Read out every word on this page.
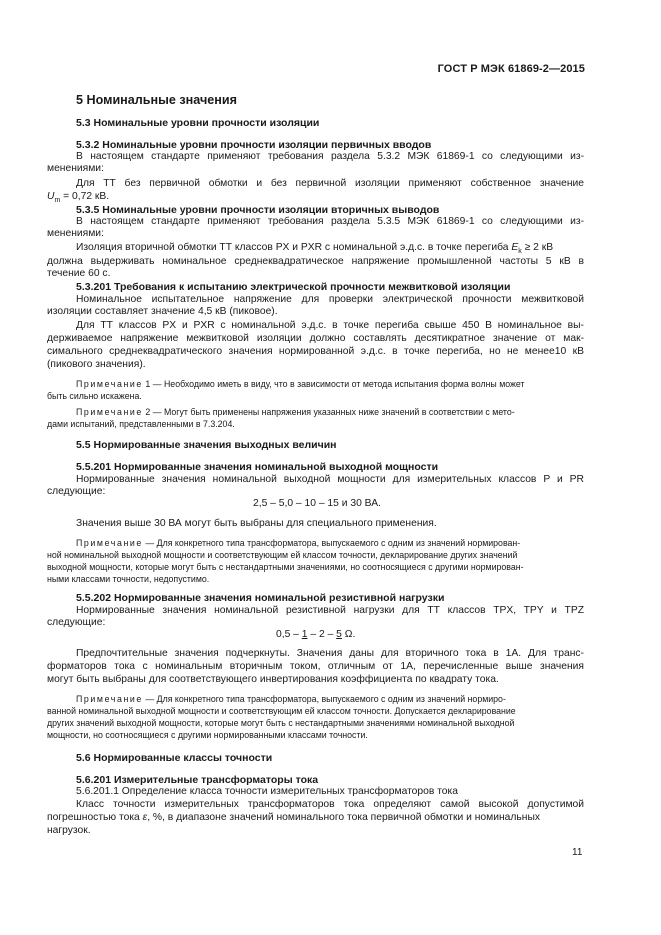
ГОСТ Р МЭК 61869-2—2015
5 Номинальные значения
5.3 Номинальные уровни прочности изоляции
5.3.2 Номинальные уровни прочности изоляции первичных вводов
В настоящем стандарте применяют требования раздела 5.3.2 МЭК 61869-1 со следующими из-
менениями:
Для ТТ без первичной обмотки и без первичной изоляции применяют собственное значение
$U_m = 0,72$ кВ.
5.3.5 Номинальные уровни прочности изоляции вторичных выводов
В настоящем стандарте применяют требования раздела 5.3.5 МЭК 61869-1 со следующими из-
менениями:
Изоляция вторичной обмотки ТТ классов PX и PXR с номинальной э.д.с. в точке перегиба $E_k \ge 2$ кВ
должна выдерживать номинальное среднеквадратическое напряжение промышленной частоты 5 кВ в
течение 60 с.
5.3.201 Требования к испытанию электрической прочности межвитковой изоляции
Номинальное испытательное напряжение для проверки электрической прочности межвитковой
изоляции составляет значение 4,5 кВ (пиковое).
Для ТТ классов PX и PXR с номинальной э.д.с. в точке перегиба свыше 450 В номинальное вы-
держиваемое напряжение межвитковой изоляции должно составлять десятикратное значение от мак-
симального среднеквадратического значения нормированной э.д.с. в точке перегиба, но не менее10 кВ
(пикового значения).
Примечание 1 — Необходимо иметь в виду, что в зависимости от метода испытания форма волны может
быть сильно искажена.
Примечание 2 — Могут быть применены напряжения указанных ниже значений в соответствии с мето-
дами испытаний, представленными в 7.3.204.
5.5 Нормированные значения выходных величин
5.5.201 Нормированные значения номинальной выходной мощности
Нормированные значения номинальной выходной мощности для измерительных классов P и PR
следующие:
2,5 – 5,0 – 10 – 15 и 30 ВА.
Значения выше 30 ВА могут быть выбраны для специального применения.
Примечание — Для конкретного типа трансформатора, выпускаемого с одним из значений нормирован-
ной номинальной выходной мощности и соответствующим ей классом точности, декларирование других значений
выходной мощности, которые могут быть с нестандартными значениями, но соотносящиеся с другими нормирован-
ными классами точности, недопустимо.
5.5.202 Нормированные значения номинальной резистивной нагрузки
Нормированные значения номинальной резистивной нагрузки для ТТ классов TPX, TPY и TPZ
следующие:
0,5 – 1 – 2 – 5 Ω.
Предпочтительные значения подчеркнуты. Значения даны для вторичного тока в 1А. Для транс-
форматоров тока с номинальным вторичным током, отличным от 1А, перечисленные выше значения
могут быть выбраны для соответствующего инвертирования коэффициента по квадрату тока.
Примечание — Для конкретного типа трансформатора, выпускаемого с одним из значений нормиро-
ванной номинальной выходной мощности и соответствующим ей классом точности. Допускается декларирование
других значений выходной мощности, которые могут быть с нестандартными значениями номинальной выходной
мощности, но соотносящиеся с другими нормированными классами точности.
5.6 Нормированные классы точности
5.6.201 Измерительные трансформаторы тока
5.6.201.1 Определение класса точности измерительных трансформаторов тока
Класс точности измерительных трансформаторов тока определяют самой высокой допустимой
погрешностью тока ε, %, в диапазоне значений номинального тока первичной обмотки и номинальных
нагрузок.
11
